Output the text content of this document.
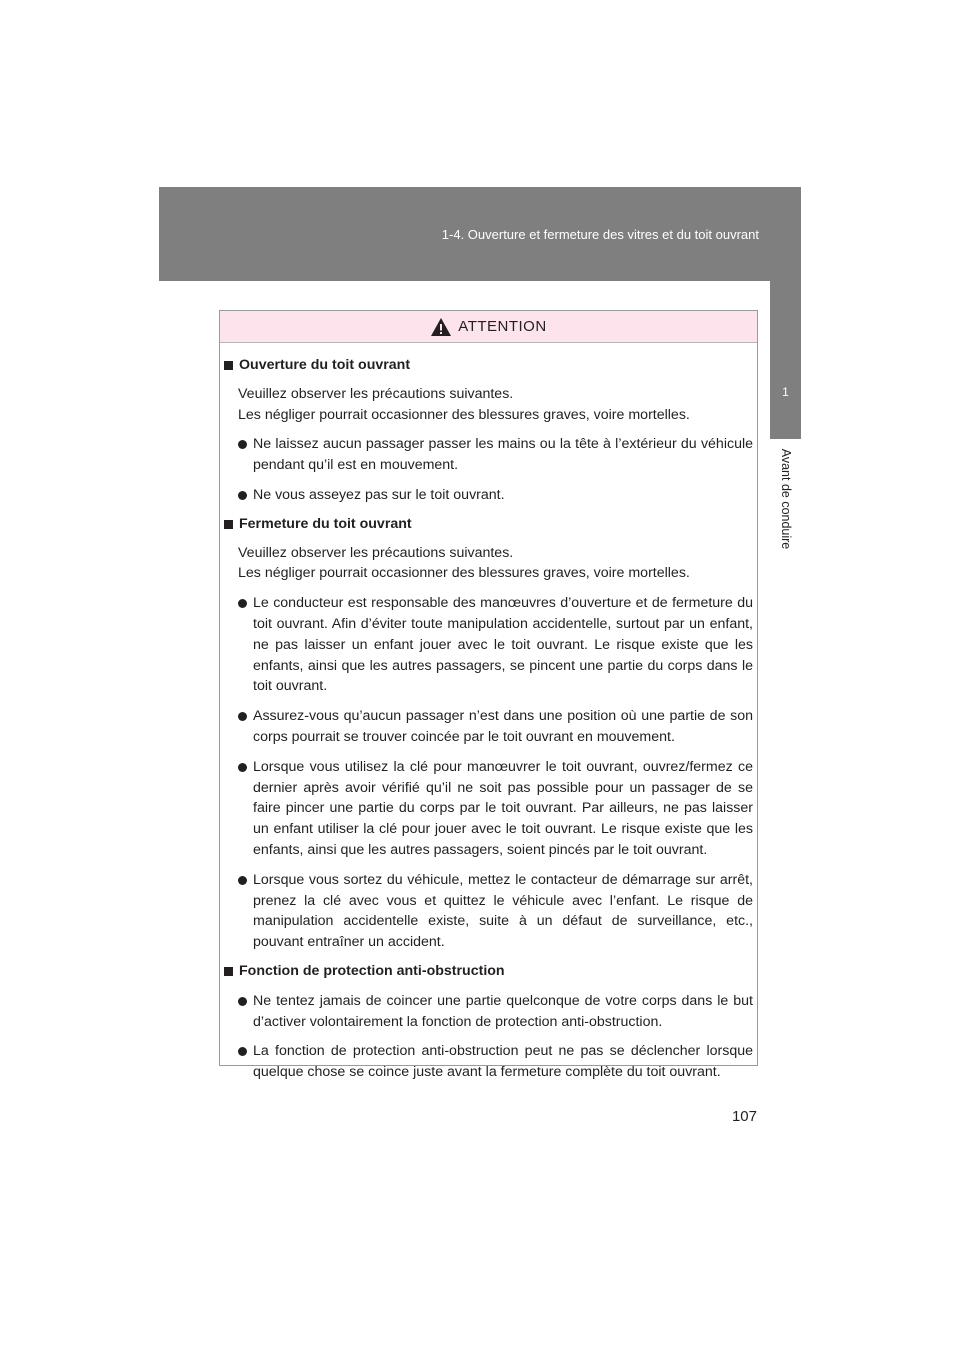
1-4. Ouverture et fermeture des vitres et du toit ouvrant
1
Avant de conduire
ATTENTION
Ouverture du toit ouvrant
Veuillez observer les précautions suivantes.
Les négliger pourrait occasionner des blessures graves, voire mortelles.
Ne laissez aucun passager passer les mains ou la tête à l’extérieur du véhicule pendant qu’il est en mouvement.
Ne vous asseyez pas sur le toit ouvrant.
Fermeture du toit ouvrant
Veuillez observer les précautions suivantes.
Les négliger pourrait occasionner des blessures graves, voire mortelles.
Le conducteur est responsable des manœuvres d’ouverture et de fermeture du toit ouvrant. Afin d’éviter toute manipulation accidentelle, surtout par un enfant, ne pas laisser un enfant jouer avec le toit ouvrant. Le risque existe que les enfants, ainsi que les autres passagers, se pincent une partie du corps dans le toit ouvrant.
Assurez-vous qu’aucun passager n’est dans une position où une partie de son corps pourrait se trouver coincée par le toit ouvrant en mouvement.
Lorsque vous utilisez la clé pour manœuvrer le toit ouvrant, ouvrez/fermez ce dernier après avoir vérifié qu’il ne soit pas possible pour un passager de se faire pincer une partie du corps par le toit ouvrant. Par ailleurs, ne pas laisser un enfant utiliser la clé pour jouer avec le toit ouvrant. Le risque existe que les enfants, ainsi que les autres passagers, soient pincés par le toit ouvrant.
Lorsque vous sortez du véhicule, mettez le contacteur de démarrage sur arrêt, prenez la clé avec vous et quittez le véhicule avec l’enfant. Le risque de manipulation accidentelle existe, suite à un défaut de surveillance, etc., pouvant entraîner un accident.
Fonction de protection anti-obstruction
Ne tentez jamais de coincer une partie quelconque de votre corps dans le but d’activer volontairement la fonction de protection anti-obstruction.
La fonction de protection anti-obstruction peut ne pas se déclencher lorsque quelque chose se coince juste avant la fermeture complète du toit ouvrant.
107
